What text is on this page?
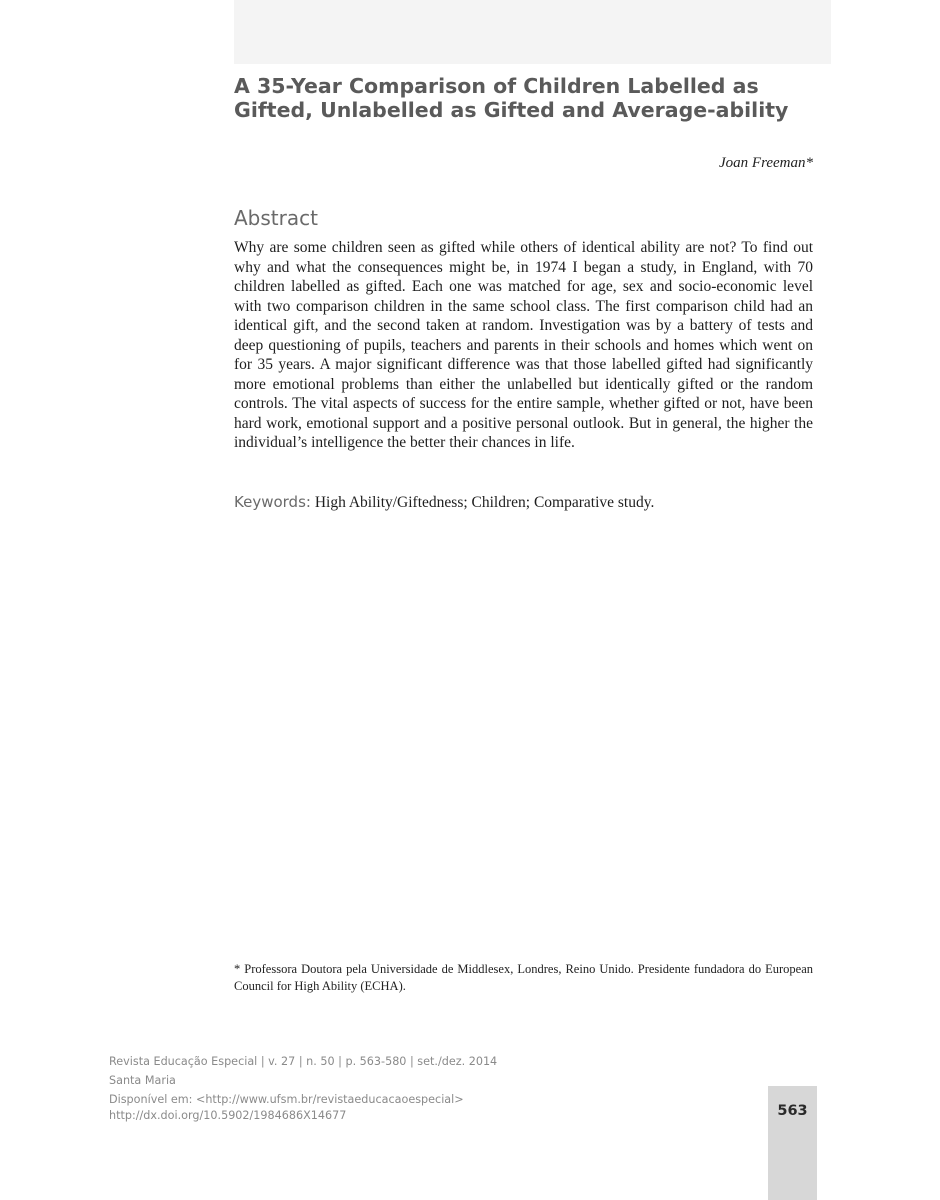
A 35-Year Comparison of Children Labelled as Gifted, Unlabelled as Gifted and Average-ability
Joan Freeman*
Abstract

Why are some children seen as gifted while others of identical ability are not? To find out why and what the consequences might be, in 1974 I began a study, in England, with 70 children labelled as gifted. Each one was matched for age, sex and socio-economic level with two comparison children in the same school class. The first comparison child had an identical gift, and the second taken at random. Investigation was by a battery of tests and deep questioning of pupils, teachers and parents in their schools and homes which went on for 35 years. A major significant difference was that those labelled gifted had significantly more emotional problems than either the unlabelled but identically gifted or the random controls. The vital aspects of success for the entire sample, whether gifted or not, have been hard work, emotional support and a positive personal outlook. But in general, the higher the individual’s intelligence the better their chances in life.

Keywords: High Ability/Giftedness; Children; Comparative study.

* Professora Doutora pela Universidade de Middlesex, Londres, Reino Unido. Presidente fundadora do European Council for High Ability (ECHA).

Revista Educação Especial | v. 27 | n. 50 | p. 563-580 | set./dez. 2014
Santa Maria
Disponível em: <http://www.ufsm.br/revistaeducacaoespecial>
http://dx.doi.org/10.5902/1984686X14677	563
